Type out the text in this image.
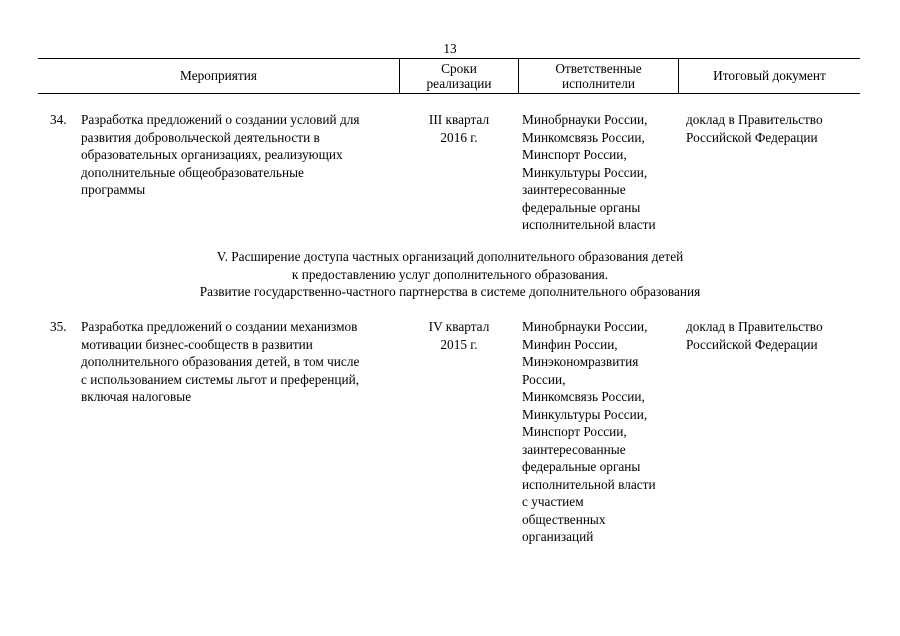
13
Мероприятия	Сроки
реализации
Ответственные
исполнители	Итоговый документ
34. Разработка предложений о создании условий для
развития добровольческой деятельности в
образовательных организациях, реализующих
дополнительные общеобразовательные
программы
III квартал
2016 г.
Минобрнауки России,
Минкомсвязь России,
Минспорт России,
Минкультуры России,
заинтересованные
федеральные органы
исполнительной власти
доклад в Правительство
Российской Федерации
V. Расширение доступа частных организаций дополнительного образования детей
к предоставлению услуг дополнительного образования.
Развитие государственно-частного партнерства в системе дополнительного образования
35. Разработка предложений о создании механизмов
мотивации бизнес-сообществ в развитии
дополнительного образования детей, в том числе
с использованием системы льгот и преференций,
включая налоговые
IV квартал
2015 г.
Минобрнауки России,
Минфин России,
Минэкономразвития
России,
Минкомсвязь России,
Минкультуры России,
Минспорт России,
заинтересованные
федеральные органы
исполнительной власти
с участием
общественных
организаций
доклад в Правительство
Российской Федерации
